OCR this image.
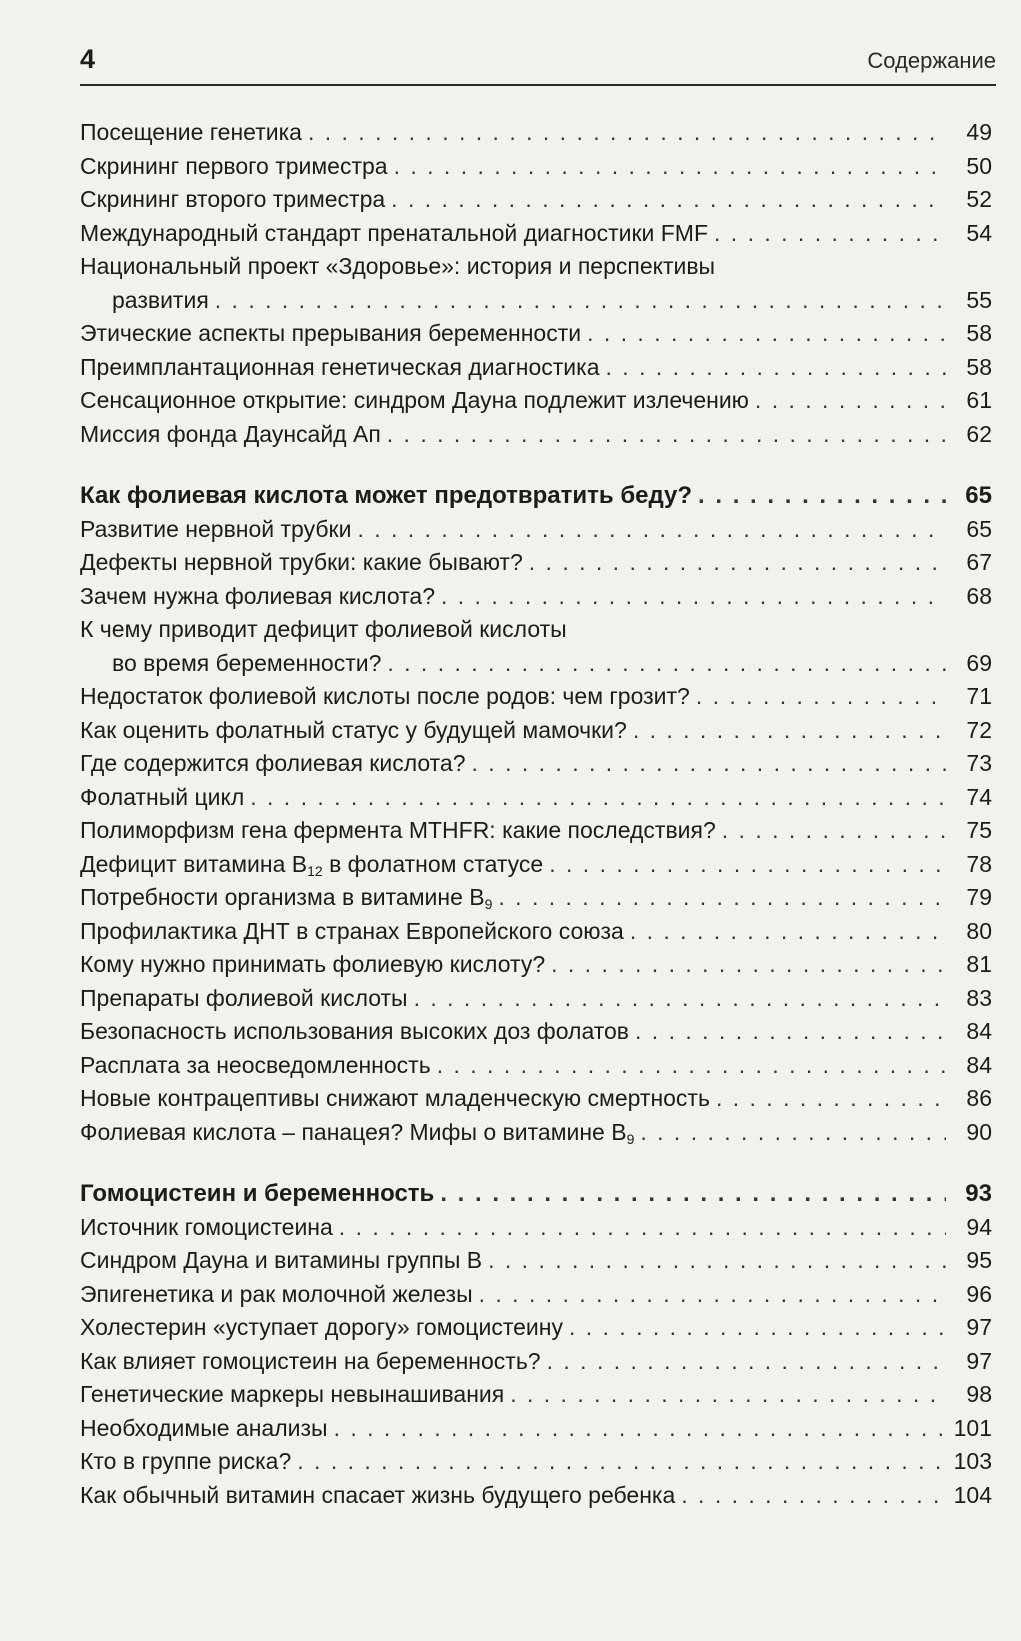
4	Содержание
Посещение генетика . . .	49
Скрининг первого триместра . . .	50
Скрининг второго триместра . . .	52
Международный стандарт пренатальной диагностики FMF . . .	54
Национальный проект «Здоровье»: история и перспективы
развития . . .	55
Этические аспекты прерывания беременности . . .	58
Преимплантационная генетическая диагностика . . .	58
Сенсационное открытие: синдром Дауна подлежит излечению . . .	61
Миссия фонда Даунсайд Ап . . .	62
Как фолиевая кислота может предотвратить беду? . . .	65
Развитие нервной трубки . . .	65
Дефекты нервной трубки: какие бывают? . . .	67
Зачем нужна фолиевая кислота? . . .	68
К чему приводит дефицит фолиевой кислоты
во время беременности? . . .	69
Недостаток фолиевой кислоты после родов: чем грозит? . . .	71
Как оценить фолатный статус у будущей мамочки? . . .	72
Где содержится фолиевая кислота? . . .	73
Фолатный цикл . . .	74
Полиморфизм гена фермента MTHFR: какие последствия? . . .	75
Дефицит витамина $B_{12}$ в фолатном статусе . . .	78
Потребности организма в витамине $B_9$ . . .	79
Профилактика ДНТ в странах Европейского союза . . .	80
Кому нужно принимать фолиевую кислоту? . . .	81
Препараты фолиевой кислоты . . .	83
Безопасность использования высоких доз фолатов . . .	84
Расплата за неосведомленность . . .	84
Новые контрацептивы снижают младенческую смертность . . .	86
Фолиевая кислота – панацея? Мифы о витамине $B_9$ . . .	90
Гомоцистеин и беременность . . .	93
Источник гомоцистеина . . .	94
Синдром Дауна и витамины группы B . . .	95
Эпигенетика и рак молочной железы . . .	96
Холестерин «уступает дорогу» гомоцистеину . . .	97
Как влияет гомоцистеин на беременность? . . .	97
Генетические маркеры невынашивания . . .	98
Необходимые анализы . . .	101
Кто в группе риска? . . .	103
Как обычный витамин спасает жизнь будущего ребенка . . .	104
